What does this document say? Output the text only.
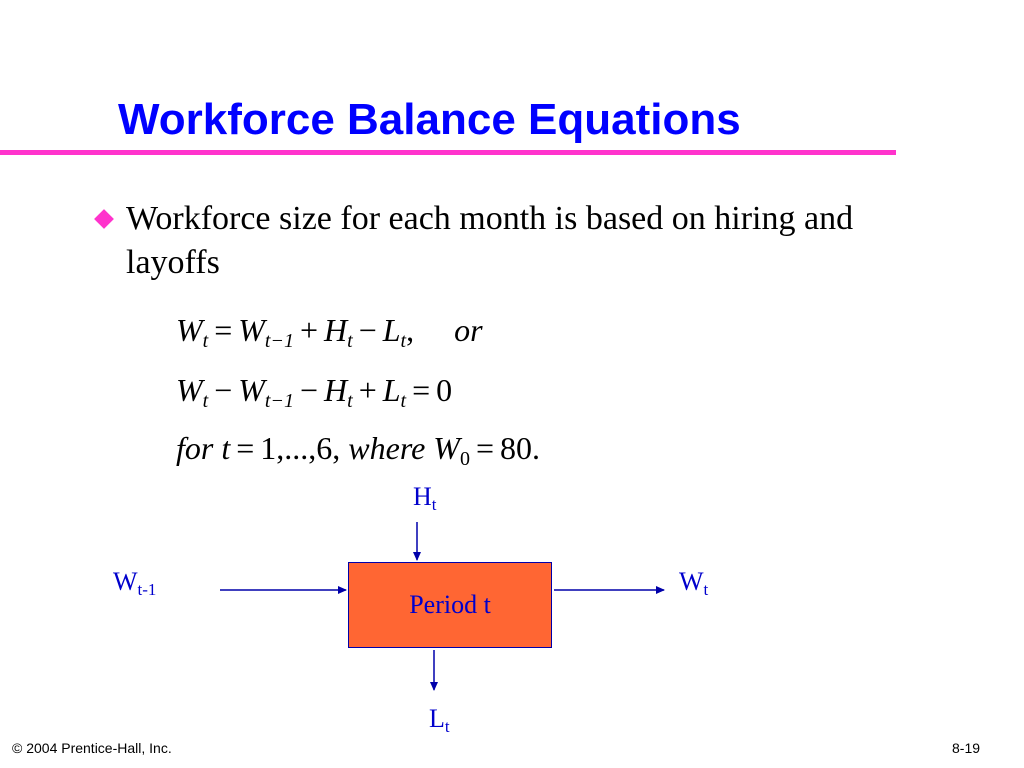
Workforce Balance Equations
Workforce size for each month is based on hiring and layoffs
$W_t = W_{t-1} + H_t - L_t$, or
$W_t - W_{t-1} - H_t + L_t = 0$
for t = 1,...,6, where $W_0 = 80$.
$H_t$
$W_{t-1}$	$W_t$
$L_t$
Period t
© 2004 Prentice-Hall, Inc.	8-19
